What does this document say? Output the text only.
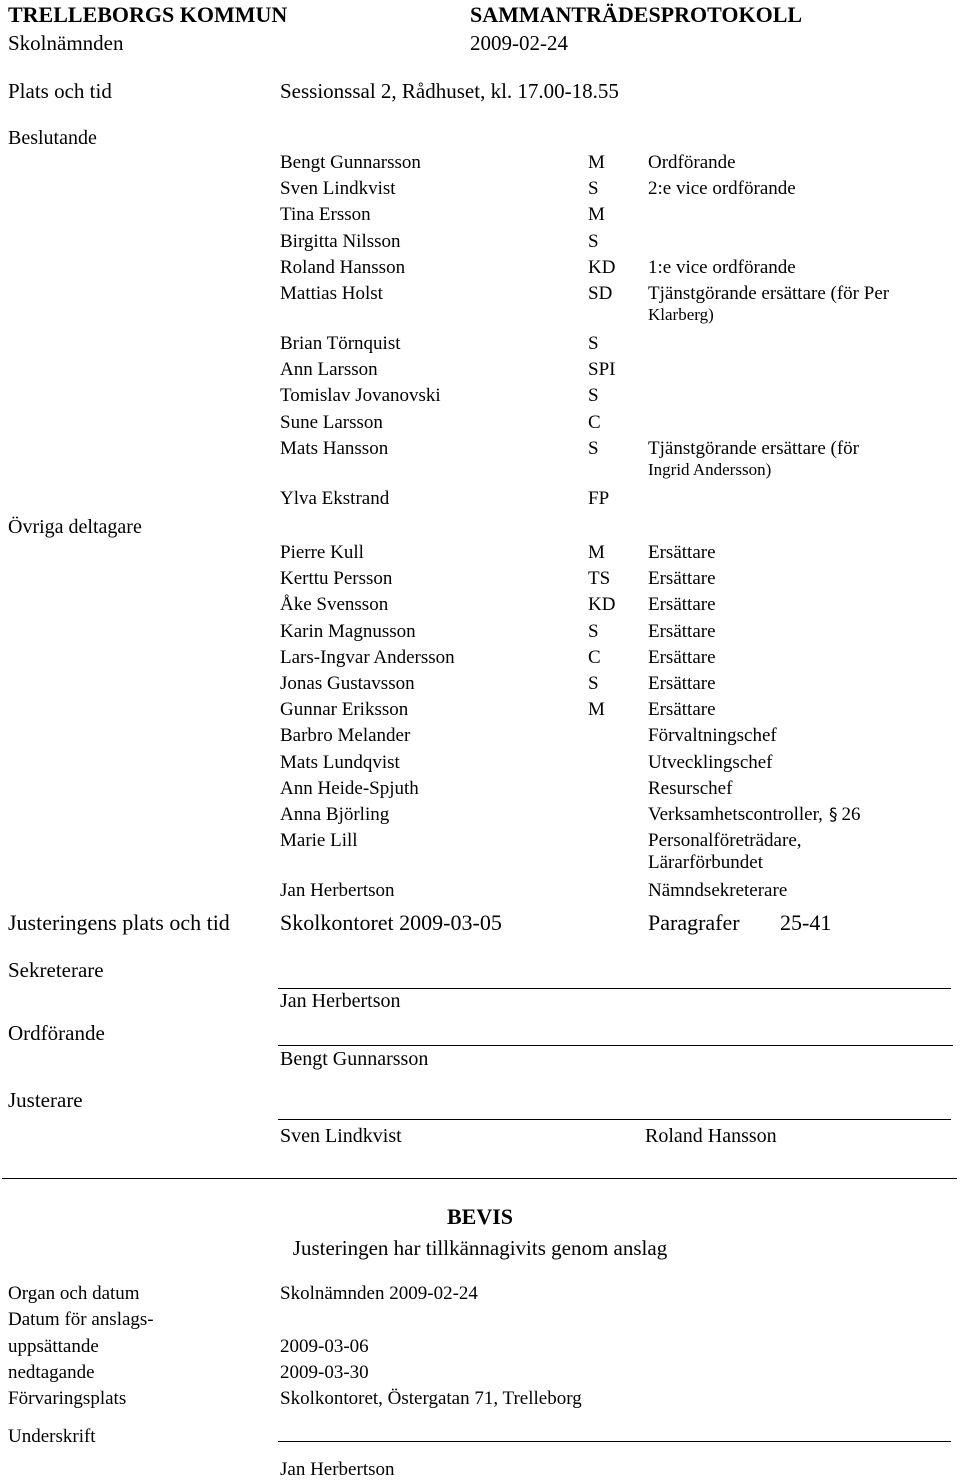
TRELLEBORGS KOMMUN	SAMMANTRÄDESPROTOKOLL
Skolnämnden	2009-02-24
Plats och tid	Sessionssal 2, Rådhuset, kl. 17.00-18.55
Beslutande
Bengt Gunnarsson	M Ordförande
Sven Lindkvist	S	2:e vice ordförande
Tina Ersson	M
Birgitta Nilsson	S
Roland Hansson	KD 1:e vice ordförande
Mattias Holst	SD Tjänstgörande ersättare (för Per
Klarberg)
Brian Törnquist	S
Ann Larsson	SPI
Tomislav Jovanovski	S
Sune Larsson	C
Mats Hansson	S	Tjänstgörande ersättare (för
Ingrid Andersson)
Ylva Ekstrand	FP
Övriga deltagare
Pierre Kull	M Ersättare
Kerttu Persson	TS Ersättare
Åke Svensson	KD Ersättare
Karin Magnusson	S	Ersättare
Lars-Ingvar Andersson	C Ersättare
Jonas Gustavsson	S	Ersättare
Gunnar Eriksson	M Ersättare
Barbro Melander	Förvaltningschef
Mats Lundqvist	Utvecklingschef
Ann Heide-Spjuth	Resurschef
Anna Björling	Verksamhetscontroller, § 26
Marie Lill	Personalföreträdare,
Lärarförbundet
Jan Herbertson	Nämndsekreterare
Justeringens plats och tid Skolkontoret 2009-03-05	Paragrafer 25-41
Sekreterare
Jan Herbertson
Ordförande
Bengt Gunnarsson
Justerare
Sven Lindkvist	Roland Hansson
BEVIS
Justeringen har tillkännagivits genom anslag
Organ och datum	Skolnämnden 2009-02-24
Datum för anslags-
uppsättande	2009-03-06
nedtagande	2009-03-30
Förvaringsplats	Skolkontoret, Östergatan 71, Trelleborg
Underskrift
Jan Herbertson
